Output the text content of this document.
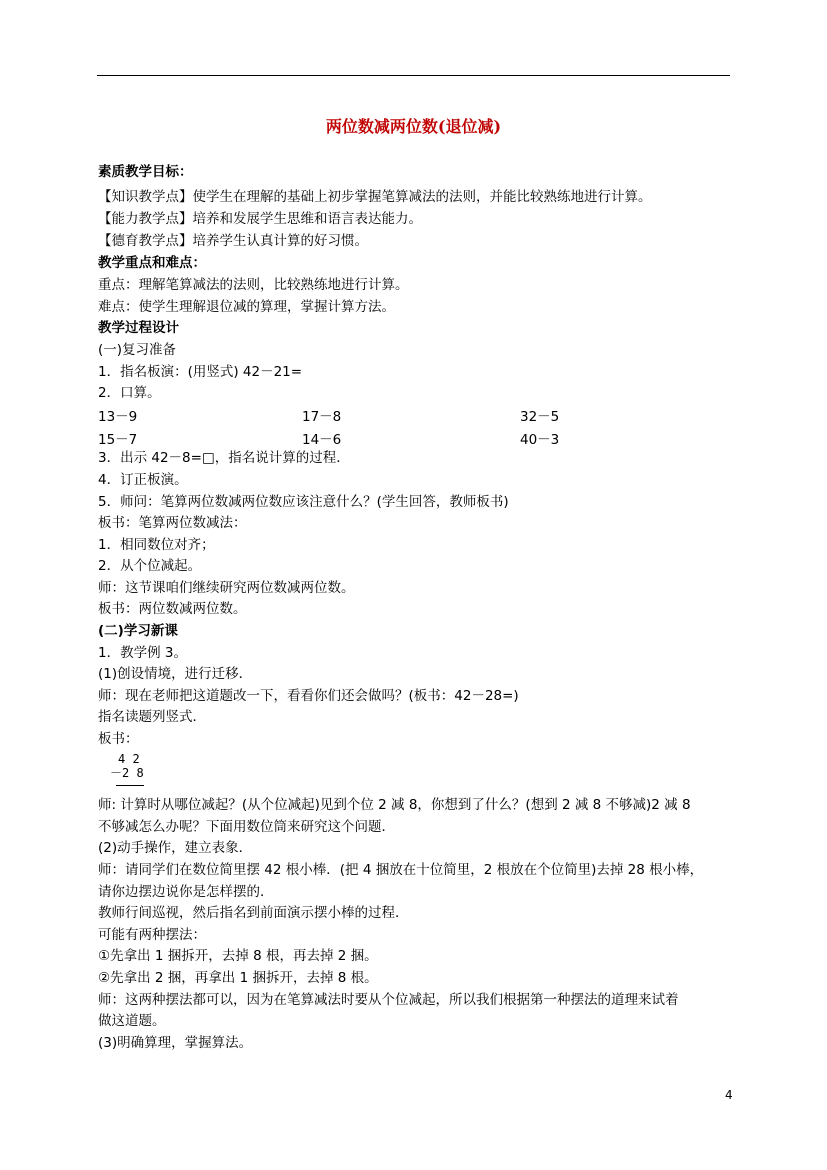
两位数减两位数(退位减)
素质教学目标：
【知识教学点】使学生在理解的基础上初步掌握笔算减法的法则，并能比较熟练地进行计算。
【能力教学点】培养和发展学生思维和语言表达能力。
【德育教学点】培养学生认真计算的好习惯。
教学重点和难点：
重点：理解笔算减法的法则，比较熟练地进行计算。
难点：使学生理解退位减的算理，掌握计算方法。
教学过程设计
(一)复习准备
1．指名板演：(用竖式) 42－21=
2．口算。
13－9	17－8	32－5
15－7	14－6	40－3
3．出示 42－8=□，指名说计算的过程．
4．订正板演。
5．师问：笔算两位数减两位数应该注意什么？(学生回答，教师板书)
板书：笔算两位数减法：
1．相同数位对齐；
2．从个位减起。
师：这节课咱们继续研究两位数减两位数。
板书：两位数减两位数。
(二)学习新课
1．教学例 3。
(1)创设情境，进行迁移．
师：现在老师把这道题改一下，看看你们还会做吗？(板书：42－28=)
指名读题列竖式．
板书：
4 2
－2 8
师: 计算时从哪位减起？(从个位减起)见到个位 2 减 8，你想到了什么？(想到 2 减 8 不够减)2 减 8
不够减怎么办呢？下面用数位筒来研究这个问题．
(2)动手操作，建立表象．
师：请同学们在数位简里摆 42 根小棒．(把 4 捆放在十位简里，2 根放在个位简里)去掉 28 根小棒，
请你边摆边说你是怎样摆的．
教师行间巡视，然后指名到前面演示摆小棒的过程．
可能有两种摆法：
①先拿出 1 捆拆开，去掉 8 根，再去掉 2 捆。
②先拿出 2 捆，再拿出 1 捆拆开，去掉 8 根。
师：这两种摆法都可以，因为在笔算减法时要从个位减起，所以我们根据第一种摆法的道理来试着
做这道题。
(3)明确算理，掌握算法。
4
